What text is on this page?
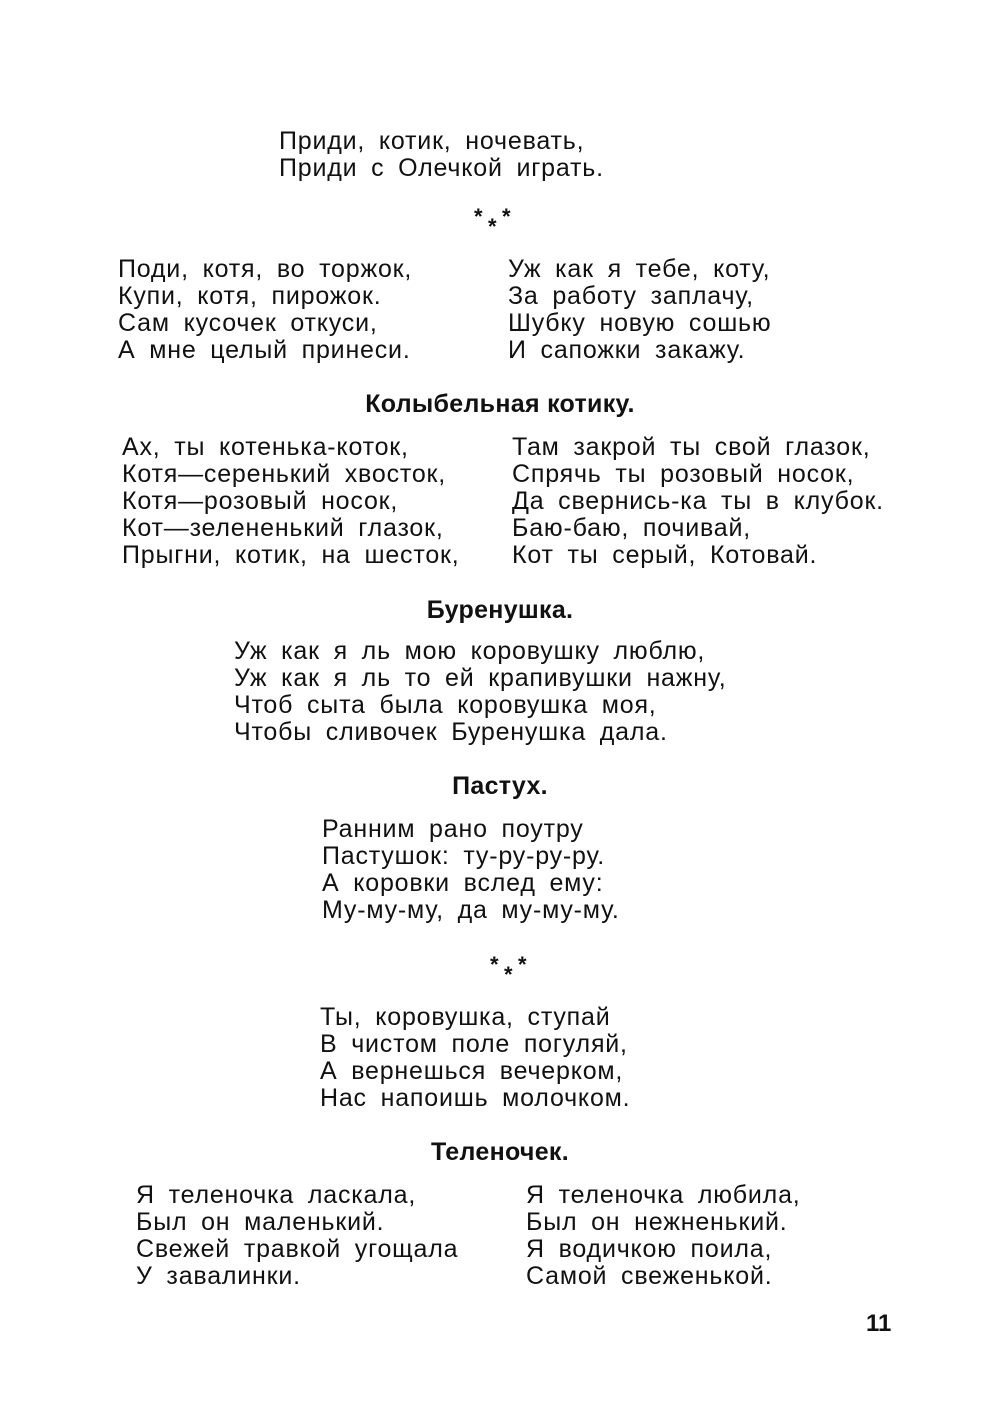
Приди, котик, ночевать,
Приди с Олечкой играть.
* * *
Поди, котя, во торжок,
Купи, котя, пирожок.
Сам кусочек откуси,
А мне целый принеси.
Уж как я тебе, коту,
За работу заплачу,
Шубку новую сошью
И сапожки закажу.
Колыбельная котику.
Ах, ты котенька-коток,
Котя—серенький хвосток,
Котя—розовый носок,
Кот—зелененький глазок,
Прыгни, котик, на шесток,
Там закрой ты свой глазок,
Спрячь ты розовый носок,
Да свернись-ка ты в клубок.
Баю-баю, почивай,
Кот ты серый, Котовай.
Буренушка.
Уж как я ль мою коровушку люблю,
Уж как я ль то ей крапивушки нажну,
Чтоб сыта была коровушка моя,
Чтобы сливочек Буренушка дала.
Пастух.
Ранним рано поутру
Пастушок: ту-ру-ру-ру.
А коровки вслед ему:
Му-му-му, да му-му-му.
* * *
Ты, коровушка, ступай
В чистом поле погуляй,
А вернешься вечерком,
Нас напоишь молочком.
Теленочек.
Я теленочка ласкала,
Был он маленький.
Свежей травкой угощала
У завалинки.
Я теленочка любила,
Был он нежненький.
Я водичкою поила,
Самой свеженькой.
11
